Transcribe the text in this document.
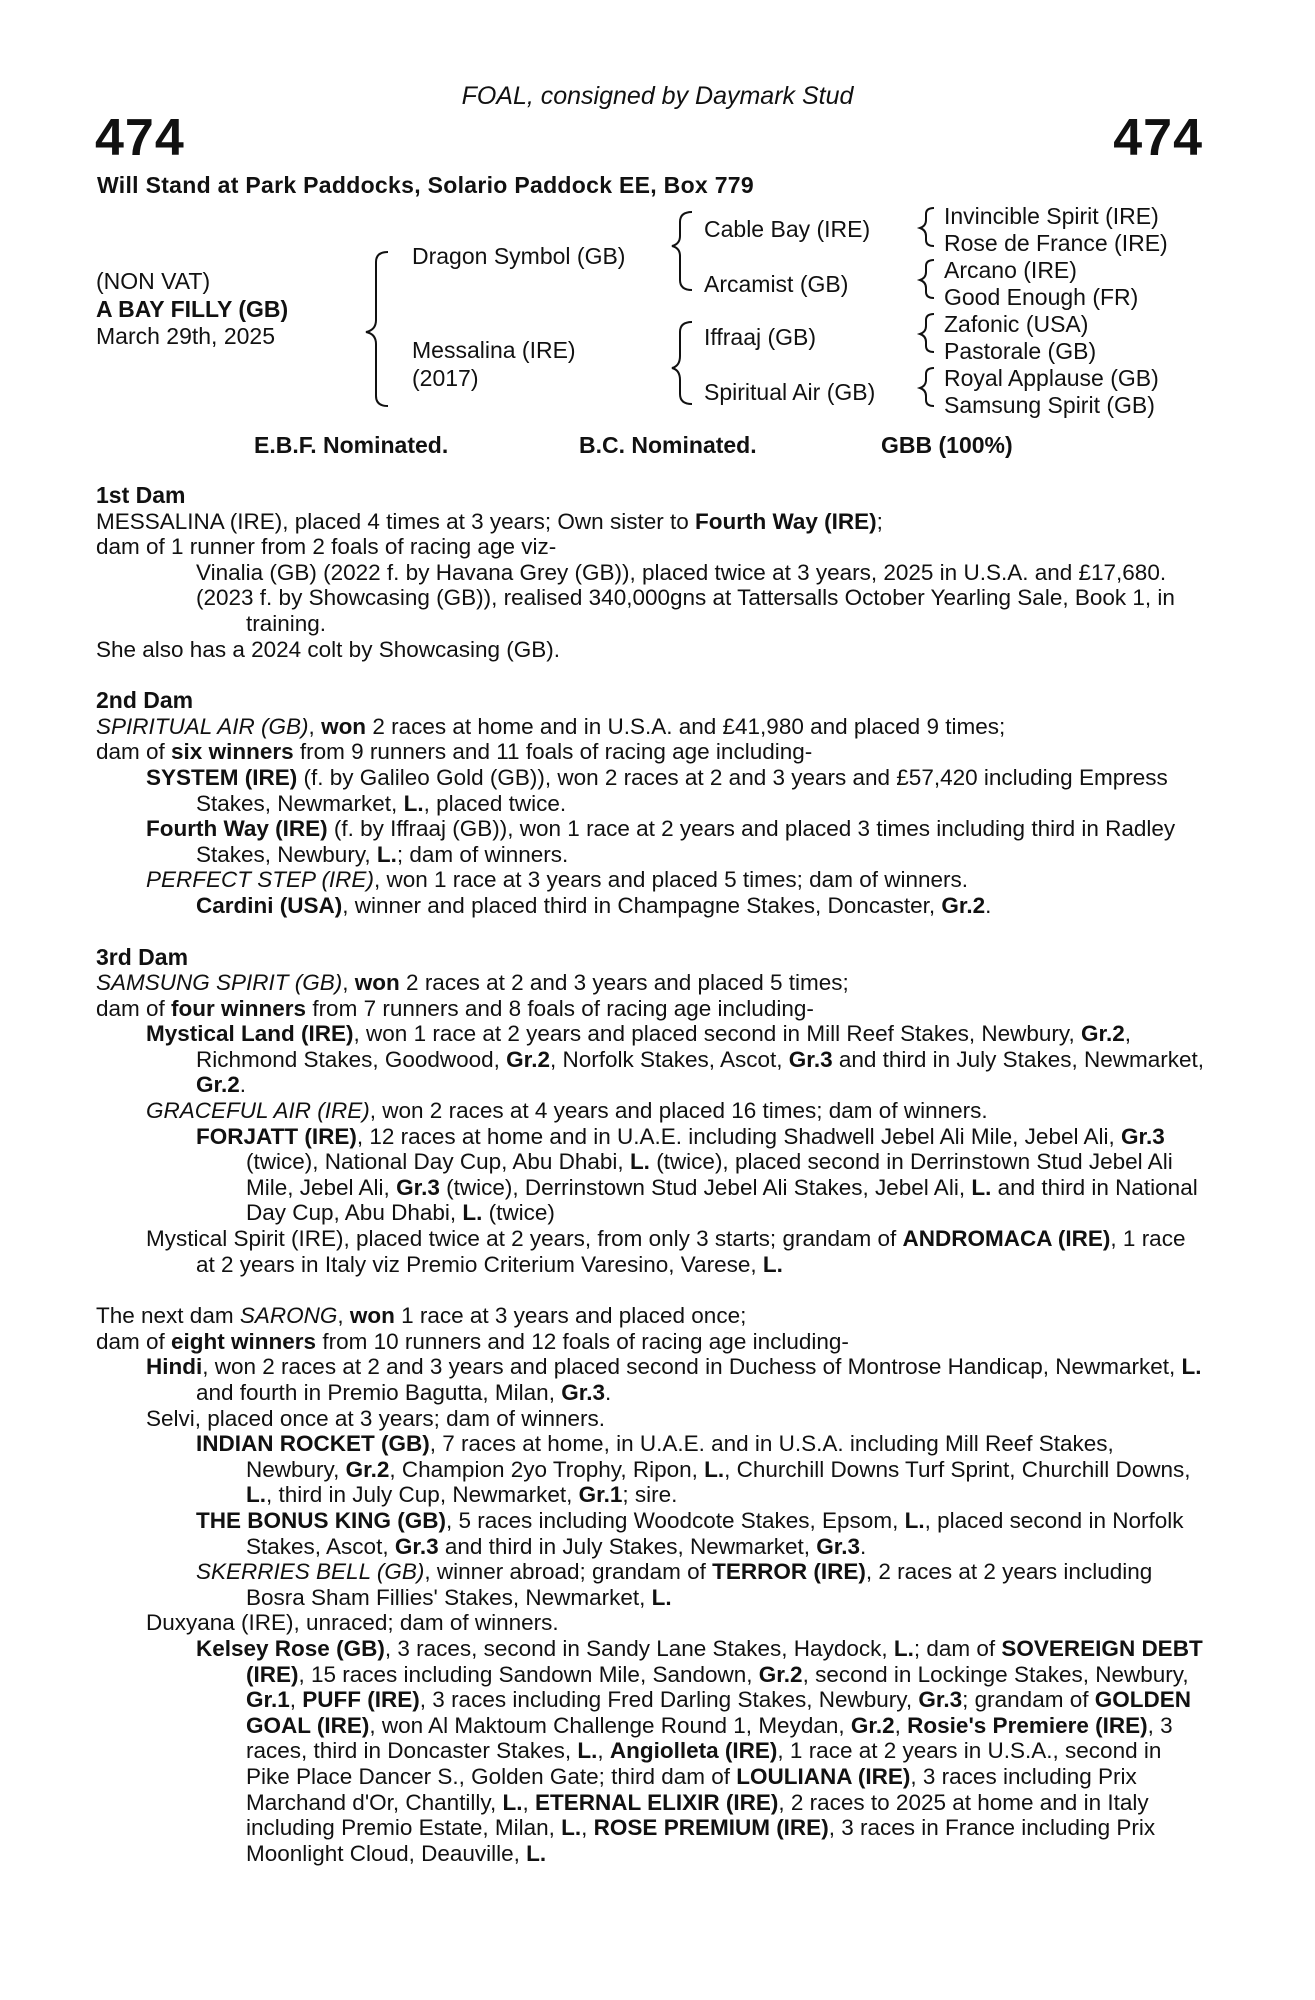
474	474
FOAL, consigned by Daymark Stud
Will Stand at Park Paddocks, Solario Paddock EE, Box 779
(NON VAT)
A BAY FILLY (GB)
March 29th, 2025
Dragon Symbol (GB)
Messalina (IRE)
(2017)
Cable Bay (IRE)
Arcamist (GB)
Iffraaj (GB)
Spiritual Air (GB)
Invincible Spirit (IRE)
Rose de France (IRE)
Arcano (IRE)
Good Enough (FR)
Zafonic (USA)
Pastorale (GB)
Royal Applause (GB)
Samsung Spirit (GB)
E.B.F. Nominated.	B.C. Nominated.	GBB (100%)

1st Dam

MESSALINA (IRE), placed 4 times at 3 years; Own sister to Fourth Way (IRE);

dam of 1 runner from 2 foals of racing age viz-

Vinalia (GB) (2022 f. by Havana Grey (GB)), placed twice at 3 years, 2025 in U.S.A. and £17,680.

(2023 f. by Showcasing (GB)), realised 340,000gns at Tattersalls October Yearling Sale, Book 1, in training.

She also has a 2024 colt by Showcasing (GB).

2nd Dam

SPIRITUAL AIR (GB), won 2 races at home and in U.S.A. and £41,980 and placed 9 times;

dam of six winners from 9 runners and 11 foals of racing age including-

SYSTEM (IRE) (f. by Galileo Gold (GB)), won 2 races at 2 and 3 years and £57,420 including Empress Stakes, Newmarket, L., placed twice.

Fourth Way (IRE) (f. by Iffraaj (GB)), won 1 race at 2 years and placed 3 times including third in Radley Stakes, Newbury, L.; dam of winners.

PERFECT STEP (IRE), won 1 race at 3 years and placed 5 times; dam of winners.

Cardini (USA), winner and placed third in Champagne Stakes, Doncaster, Gr.2.

3rd Dam

SAMSUNG SPIRIT (GB), won 2 races at 2 and 3 years and placed 5 times;

dam of four winners from 7 runners and 8 foals of racing age including-

Mystical Land (IRE), won 1 race at 2 years and placed second in Mill Reef Stakes, Newbury, Gr.2, Richmond Stakes, Goodwood, Gr.2, Norfolk Stakes, Ascot, Gr.3 and third in July Stakes, Newmarket, Gr.2.

GRACEFUL AIR (IRE), won 2 races at 4 years and placed 16 times; dam of winners.

FORJATT (IRE), 12 races at home and in U.A.E. including Shadwell Jebel Ali Mile, Jebel Ali, Gr.3 (twice), National Day Cup, Abu Dhabi, L. (twice), placed second in Derrinstown Stud Jebel Ali Mile, Jebel Ali, Gr.3 (twice), Derrinstown Stud Jebel Ali Stakes, Jebel Ali, L. and third in National Day Cup, Abu Dhabi, L. (twice)

Mystical Spirit (IRE), placed twice at 2 years, from only 3 starts; grandam of ANDROMACA (IRE), 1 race at 2 years in Italy viz Premio Criterium Varesino, Varese, L.

The next dam SARONG, won 1 race at 3 years and placed once;

dam of eight winners from 10 runners and 12 foals of racing age including-

Hindi, won 2 races at 2 and 3 years and placed second in Duchess of Montrose Handicap, Newmarket, L. and fourth in Premio Bagutta, Milan, Gr.3.

Selvi, placed once at 3 years; dam of winners.

INDIAN ROCKET (GB), 7 races at home, in U.A.E. and in U.S.A. including Mill Reef Stakes, Newbury, Gr.2, Champion 2yo Trophy, Ripon, L., Churchill Downs Turf Sprint, Churchill Downs, L., third in July Cup, Newmarket, Gr.1; sire.

THE BONUS KING (GB), 5 races including Woodcote Stakes, Epsom, L., placed second in Norfolk Stakes, Ascot, Gr.3 and third in July Stakes, Newmarket, Gr.3.

SKERRIES BELL (GB), winner abroad; grandam of TERROR (IRE), 2 races at 2 years including Bosra Sham Fillies' Stakes, Newmarket, L.

Duxyana (IRE), unraced; dam of winners.

Kelsey Rose (GB), 3 races, second in Sandy Lane Stakes, Haydock, L.; dam of SOVEREIGN DEBT (IRE), 15 races including Sandown Mile, Sandown, Gr.2, second in Lockinge Stakes, Newbury, Gr.1, PUFF (IRE), 3 races including Fred Darling Stakes, Newbury, Gr.3; grandam of GOLDEN GOAL (IRE), won Al Maktoum Challenge Round 1, Meydan, Gr.2, Rosie's Premiere (IRE), 3 races, third in Doncaster Stakes, L., Angiolleta (IRE), 1 race at 2 years in U.S.A., second in Pike Place Dancer S., Golden Gate; third dam of LOULIANA (IRE), 3 races including Prix Marchand d'Or, Chantilly, L., ETERNAL ELIXIR (IRE), 2 races to 2025 at home and in Italy including Premio Estate, Milan, L., ROSE PREMIUM (IRE), 3 races in France including Prix Moonlight Cloud, Deauville, L.
